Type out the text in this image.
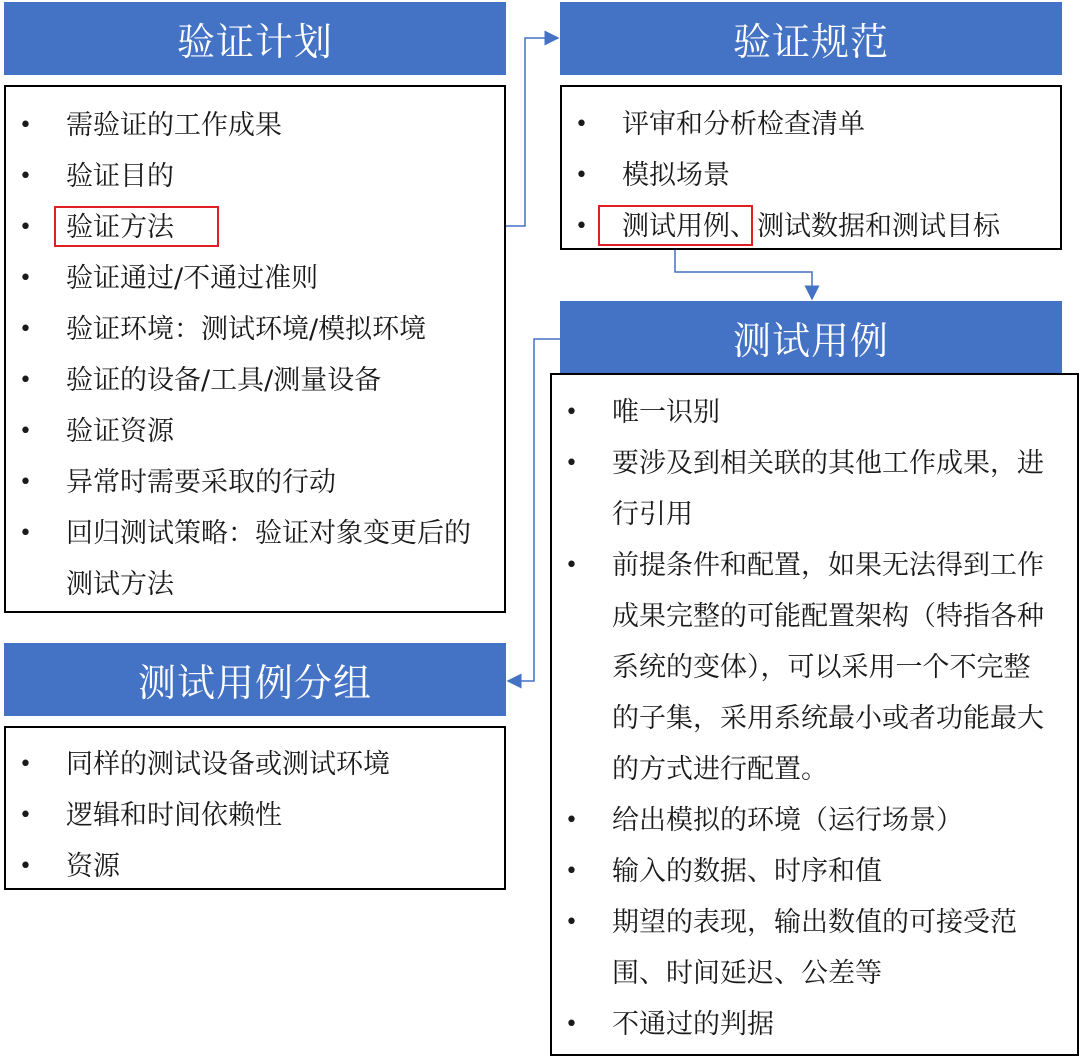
验证计划
• 需验证的工作成果
• 验证目的
• 验证方法
• 验证通过/不通过准则
• 验证环境：测试环境/模拟环境
• 验证的设备/工具/测量设备
• 验证资源
• 异常时需要采取的行动
• 回归测试策略：验证对象变更后的测试方法
验证规范
• 评审和分析检查清单
• 模拟场景
• 测试用例、测试数据和测试目标
测试用例
• 唯一识别
• 要涉及到相关联的其他工作成果，进行引用
• 前提条件和配置，如果无法得到工作成果完整的可能配置架构（特指各种系统的变体），可以采用一个不完整的子集，采用系统最小或者功能最大的方式进行配置。
• 给出模拟的环境（运行场景）
• 输入的数据、时序和值
• 期望的表现，输出数值的可接受范围、时间延迟、公差等
• 不通过的判据
测试用例分组
• 同样的测试设备或测试环境
• 逻辑和时间依赖性
• 资源
